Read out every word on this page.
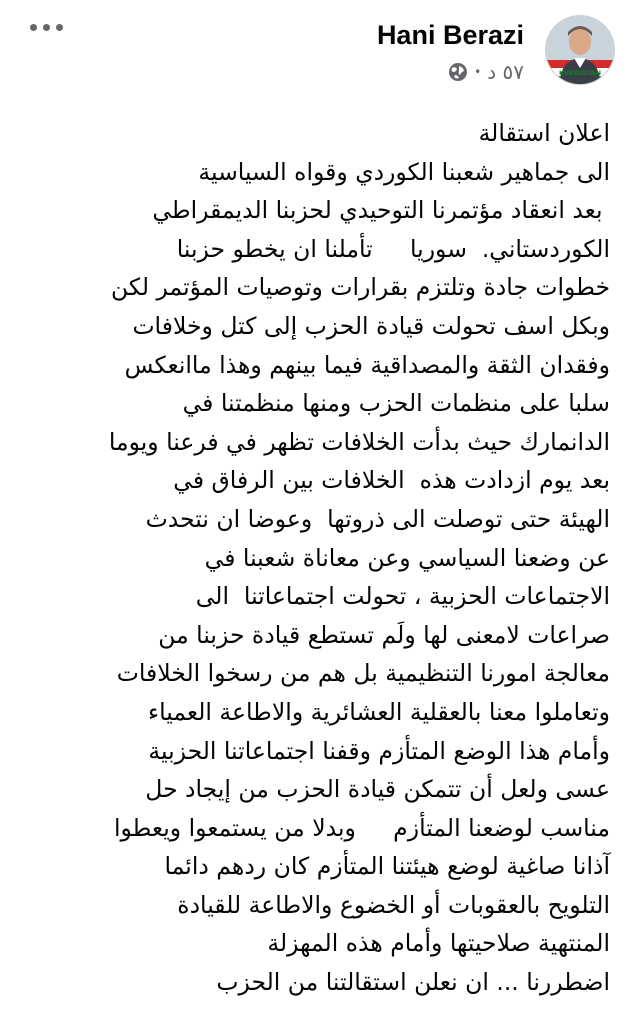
KURDISTAN
Hani Berazi
• ٥٧ د
اعلان استقالة
الى جماهير شعبنا الكوردي وقواه السياسية
بعد انعقاد مؤتمرنا التوحيدي لحزبنا الديمقراطي
الكوردستاني.  سوريا     تأملنا ان يخطو حزبنا
خطوات جادة وتلتزم بقرارات وتوصيات المؤتمر لكن
وبكل اسف تحولت قيادة الحزب إلى كتل وخلافات
وفقدان الثقة والمصداقية فيما بينهم وهذا ماانعكس
سلبا على منظمات الحزب ومنها منظمتنا في
الدانمارك حيث بدأت الخلافات تظهر في فرعنا ويوما
بعد يوم ازدادت هذه  الخلافات بين الرفاق في
الهيئة حتى توصلت الى ذروتها  وعوضا ان نتحدث
عن وضعنا السياسي وعن معاناة شعبنا في
الاجتماعات الحزبية ، تحولت اجتماعاتنا  الى
صراعات لامعنى لها ولَم تستطع قيادة حزبنا من
معالجة امورنا التنظيمية بل هم من رسخوا الخلافات
وتعاملوا معنا بالعقلية العشائرية والاطاعة العمياء
وأمام هذا الوضع المتأزم وقفنا اجتماعاتنا الحزبية
عسى ولعل أن تتمكن قيادة الحزب من إيجاد حل
مناسب لوضعنا المتأزم     وبدلا من يستمعوا ويعطوا
آذانا صاغية لوضع هيئتنا المتأزم كان ردهم دائما
التلويح بالعقوبات أو الخضوع والاطاعة للقيادة
المنتهية صلاحيتها وأمام هذه المهزلة
اضطررنا ... ان نعلن استقالتنا من الحزب
